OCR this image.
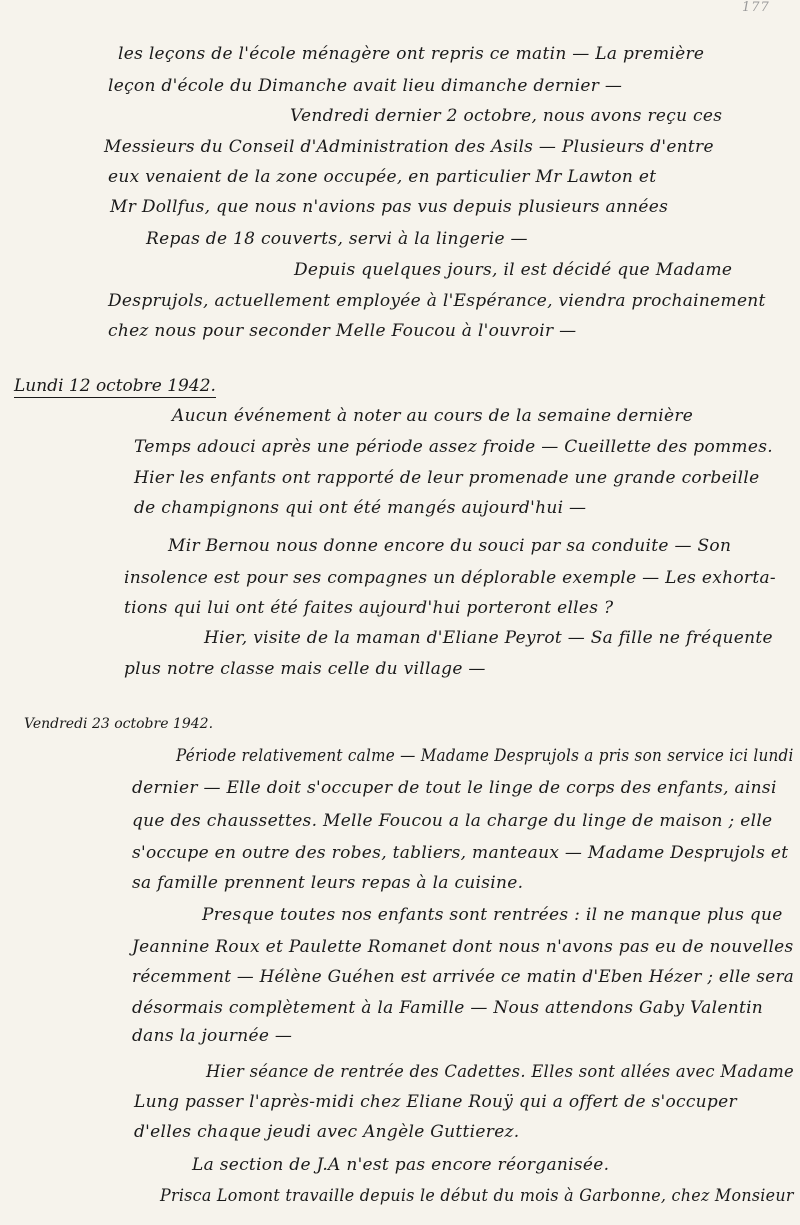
177
les leçons de l'école ménagère ont repris ce matin — La première
leçon d'école du Dimanche avait lieu dimanche dernier —
Vendredi dernier 2 octobre, nous avons reçu ces
Messieurs du Conseil d'Administration des Asils — Plusieurs d'entre
eux venaient de la zone occupée, en particulier Mr Lawton et
Mr Dollfus, que nous n'avions pas vus depuis plusieurs années
Repas de 18 couverts, servi à la lingerie —
Depuis quelques jours, il est décidé que Madame
Desprujols, actuellement employée à l'Espérance, viendra prochainement
chez nous pour seconder Melle Foucou à l'ouvroir —
Lundi 12 octobre 1942.
Aucun événement à noter au cours de la semaine dernière
Temps adouci après une période assez froide — Cueillette des pommes.
Hier les enfants ont rapporté de leur promenade une grande corbeille
de champignons qui ont été mangés aujourd'hui —
Mir Bernou nous donne encore du souci par sa conduite — Son
insolence est pour ses compagnes un déplorable exemple — Les exhorta-
tions qui lui ont été faites aujourd'hui porteront elles ?
Hier, visite de la maman d'Eliane Peyrot — Sa fille ne fréquente
plus notre classe mais celle du village —
Vendredi 23 octobre 1942.
Période relativement calme — Madame Desprujols a pris son service ici lundi
dernier — Elle doit s'occuper de tout le linge de corps des enfants, ainsi
que des chaussettes. Melle Foucou a la charge du linge de maison ; elle
s'occupe en outre des robes, tabliers, manteaux — Madame Desprujols et
sa famille prennent leurs repas à la cuisine.
Presque toutes nos enfants sont rentrées : il ne manque plus que
Jeannine Roux et Paulette Romanet dont nous n'avons pas eu de nouvelles
récemment — Hélène Guéhen est arrivée ce matin d'Eben Hézer ; elle sera
désormais complètement à la Famille — Nous attendons Gaby Valentin
dans la journée —
Hier séance de rentrée des Cadettes. Elles sont allées avec Madame
Lung passer l'après-midi chez Eliane Rouÿ qui a offert de s'occuper
d'elles chaque jeudi avec Angèle Guttierez.
La section de J.A n'est pas encore réorganisée.
Prisca Lomont travaille depuis le début du mois à Garbonne, chez Monsieur
